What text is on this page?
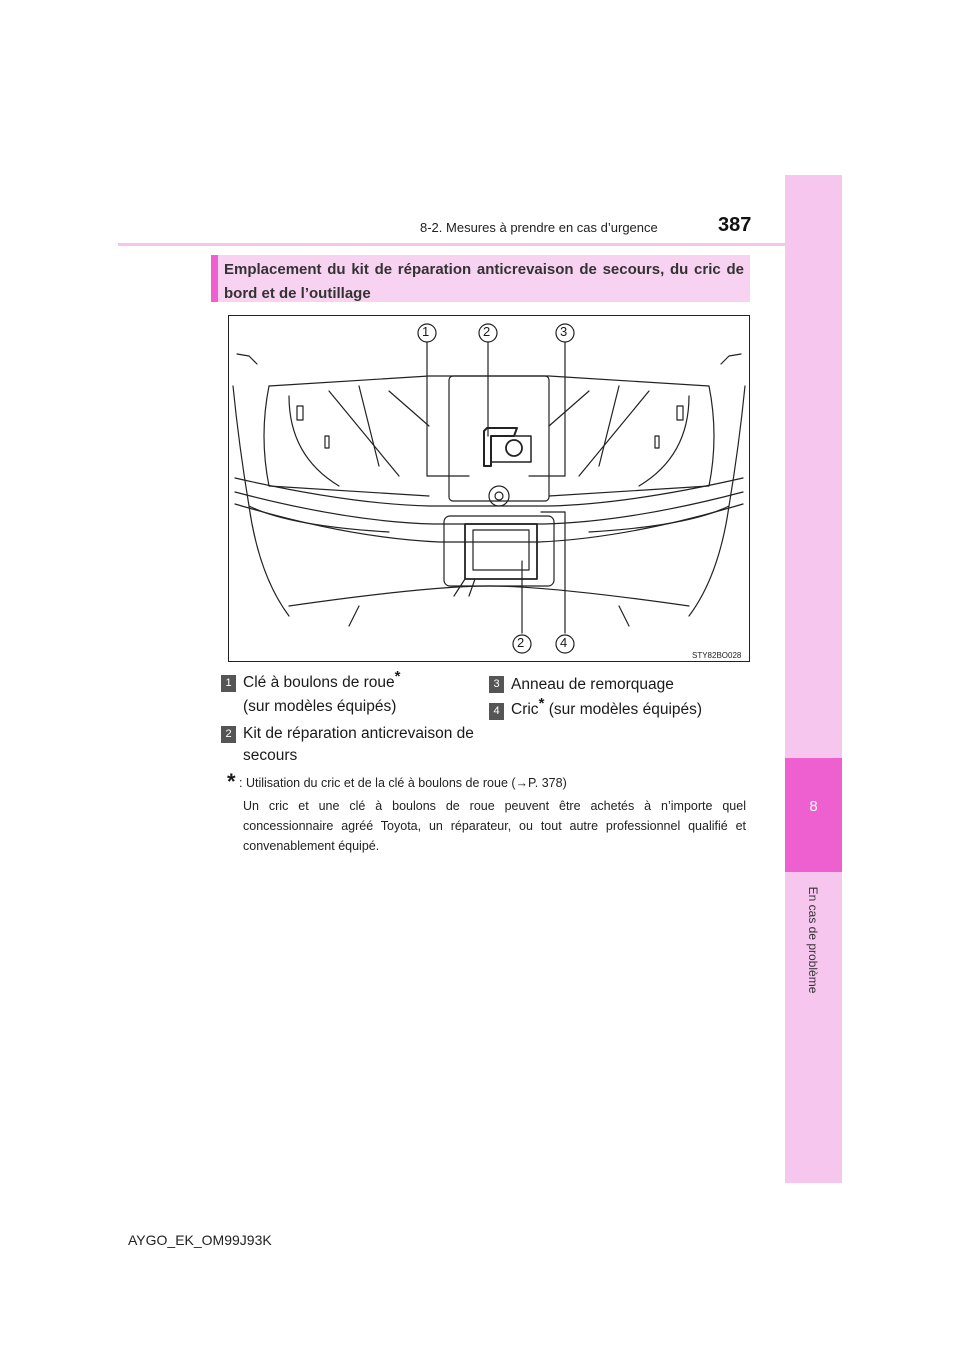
8
En cas de problème
8-2. Mesures à prendre en cas d’urgence	387
Emplacement du kit de réparation anticrevaison de secours, du cric de bord et de l’outillage
1	2	3
2	4
STY82BO028
1 Clé à boulons de roue*
(sur modèles équipés)
2 Kit de réparation anticrevaison de
secours
3 Anneau de remorquage
4 Cric* (sur modèles équipés)
* : Utilisation du cric et de la clé à boulons de roue (→P. 378)
Un cric et une clé à boulons de roue peuvent être achetés à n’importe quel concessionnaire agréé Toyota, un réparateur, ou tout autre professionnel qualifié et convenablement équipé.
AYGO_EK_OM99J93K
